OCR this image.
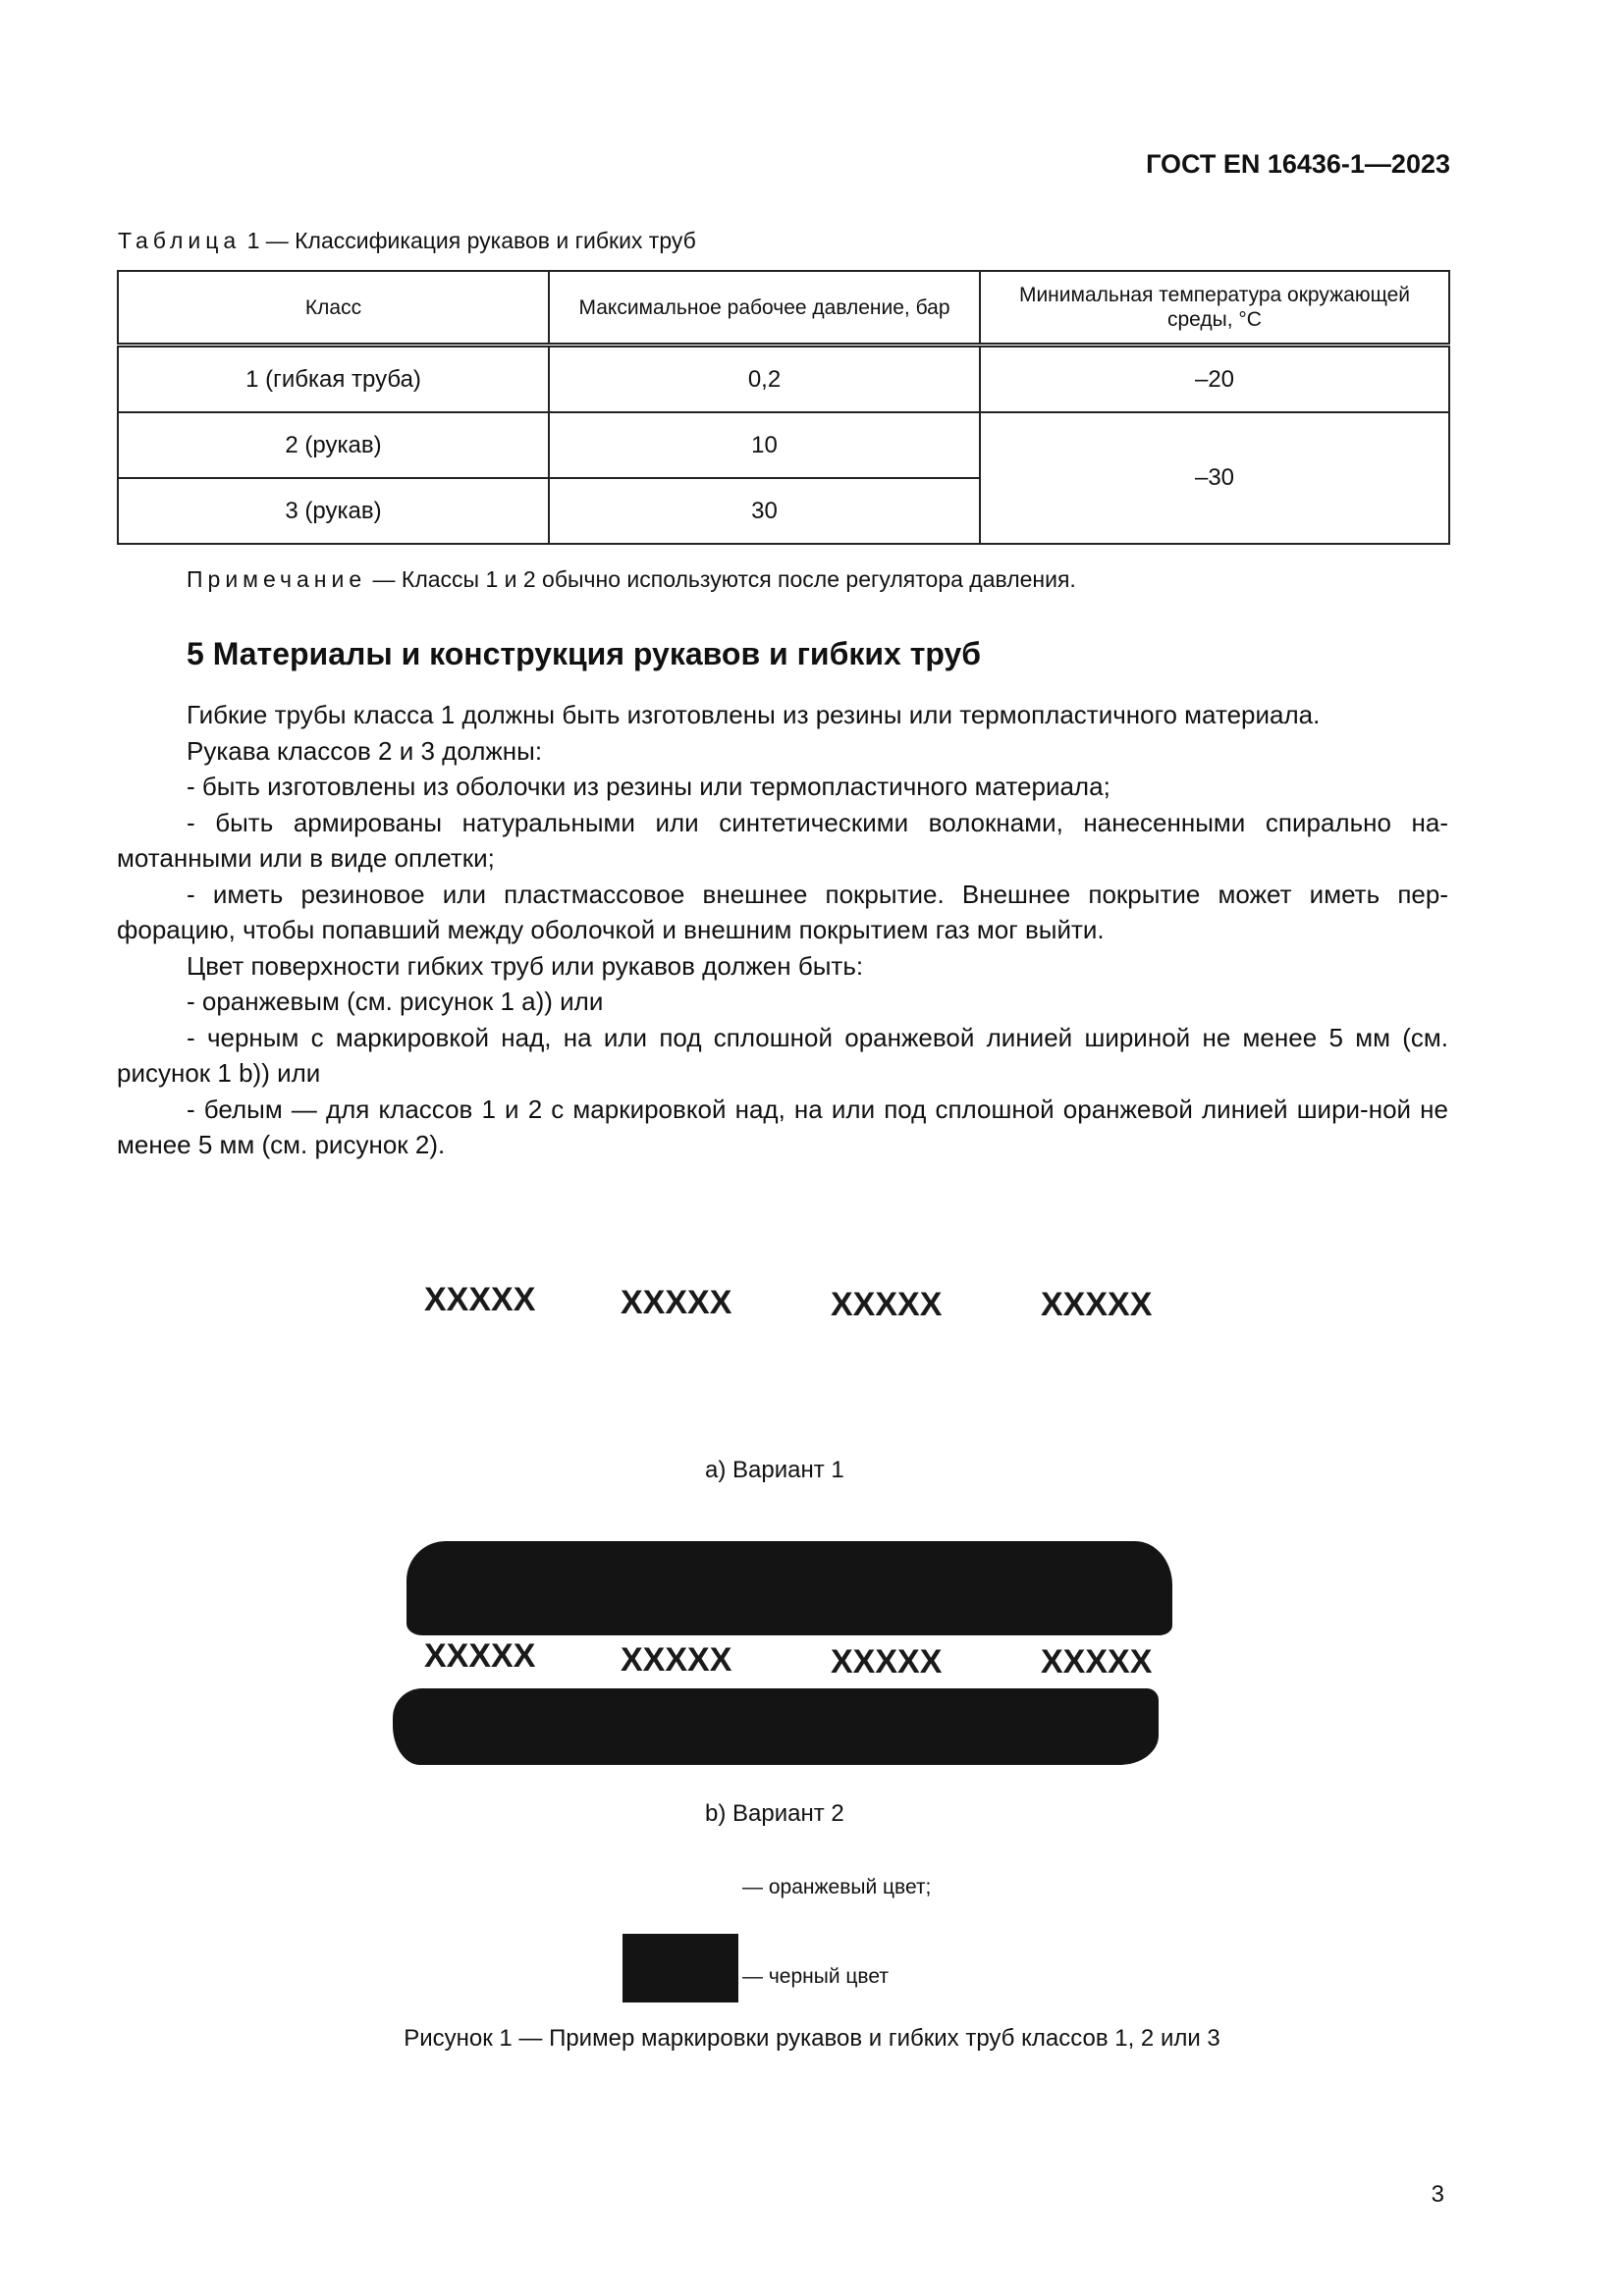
ГОСТ EN 16436-1—2023
Таблица 1 — Классификация рукавов и гибких труб
Класс	Максимальное рабочее давление, бар	Минимальная температура окружающей среды, °С
1 (гибкая труба)	0,2	–20
2 (рукав)	10	–30
3 (рукав)	30	
Примечание — Классы 1 и 2 обычно используются после регулятора давления.
5 Материалы и конструкция рукавов и гибких труб

Гибкие трубы класса 1 должны быть изготовлены из резины или термопластичного материала.

Рукава классов 2 и 3 должны:

- быть изготовлены из оболочки из резины или термопластичного материала;

- быть армированы натуральными или синтетическими волокнами, нанесенными спирально на-мотанными или в виде оплетки;

- иметь резиновое или пластмассовое внешнее покрытие. Внешнее покрытие может иметь пер-форацию, чтобы попавший между оболочкой и внешним покрытием газ мог выйти.

Цвет поверхности гибких труб или рукавов должен быть:

- оранжевым (см. рисунок 1 a)) или

- черным с маркировкой над, на или под сплошной оранжевой линией шириной не менее 5 мм (см. рисунок 1 b)) или

- белым — для классов 1 и 2 с маркировкой над, на или под сплошной оранжевой линией шири-ной не менее 5 мм (см. рисунок 2).

XXXXX	XXXXX	XXXXX	XXXXX
a) Вариант 1
XXXXX	XXXXX	XXXXX	XXXXX
b) Вариант 2
— оранжевый цвет;
— черный цвет
Рисунок 1 — Пример маркировки рукавов и гибких труб классов 1, 2 или 3
3
